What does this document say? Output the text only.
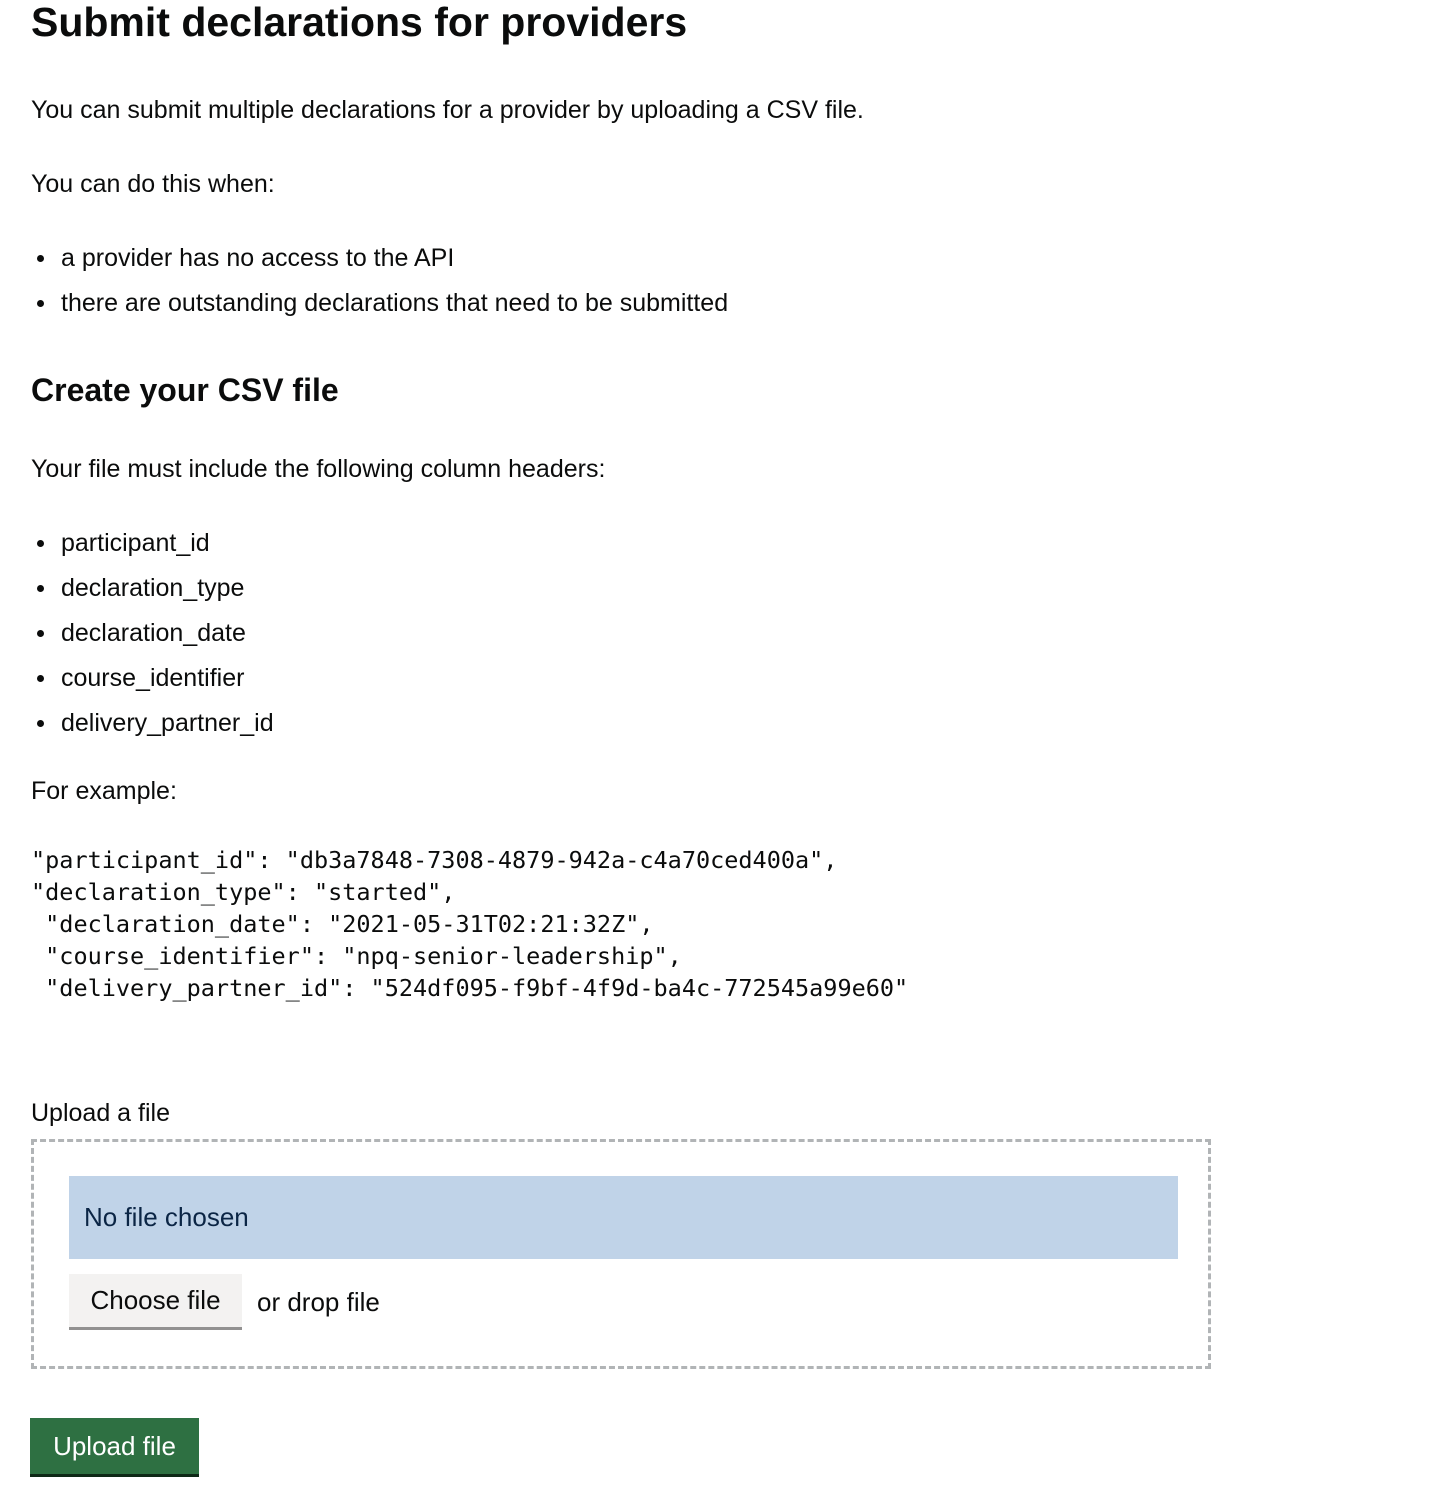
Submit declarations for providers

You can submit multiple declarations for a provider by uploading a CSV file.

You can do this when:

a provider has no access to the API
there are outstanding declarations that need to be submitted
Create your CSV file

Your file must include the following column headers:

participant_id
declaration_type
declaration_date
course_identifier
delivery_partner_id

For example:

"participant_id": "db3a7848-7308-4879-942a-c4a70ced400a",
"declaration_type": "started",
"declaration_date": "2021-05-31T02:21:32Z",
"course_identifier": "npq-senior-leadership",
"delivery_partner_id": "524df095-f9bf-4f9d-ba4c-772545a99e60"

Upload a file

No file chosen
Choose file	or drop file
Upload file
